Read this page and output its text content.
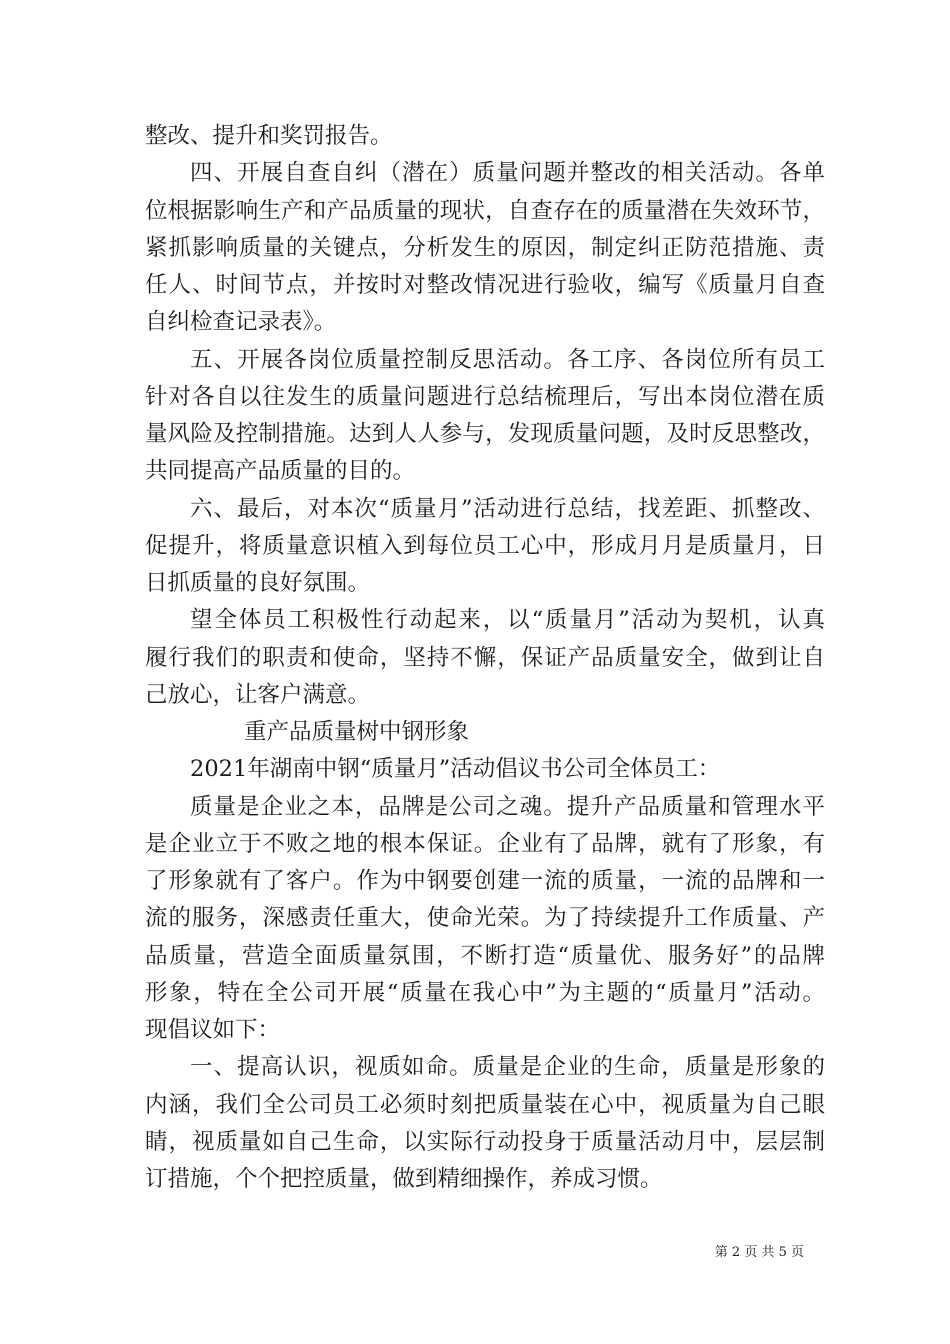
整改、提升和奖罚报告。
四、开展自查自纠（潜在）质量问题并整改的相关活动。各单
位根据影响生产和产品质量的现状，自查存在的质量潜在失效环节，
紧抓影响质量的关键点，分析发生的原因，制定纠正防范措施、责
任人、时间节点，并按时对整改情况进行验收，编写《质量月自查
自纠检查记录表》。
五、开展各岗位质量控制反思活动。各工序、各岗位所有员工
针对各自以往发生的质量问题进行总结梳理后，写出本岗位潜在质
量风险及控制措施。达到人人参与，发现质量问题，及时反思整改，
共同提高产品质量的目的。
六、最后，对本次“质量月”活动进行总结，找差距、抓整改、
促提升，将质量意识植入到每位员工心中，形成月月是质量月，日
日抓质量的良好氛围。
望全体员工积极性行动起来，以“质量月”活动为契机，认真
履行我们的职责和使命，坚持不懈，保证产品质量安全，做到让自
己放心，让客户满意。
重产品质量树中钢形象
2021年湖南中钢“质量月”活动倡议书公司全体员工：
质量是企业之本，品牌是公司之魂。提升产品质量和管理水平
是企业立于不败之地的根本保证。企业有了品牌，就有了形象，有
了形象就有了客户。作为中钢要创建一流的质量，一流的品牌和一
流的服务，深感责任重大，使命光荣。为了持续提升工作质量、产
品质量，营造全面质量氛围，不断打造“质量优、服务好”的品牌
形象，特在全公司开展“质量在我心中”为主题的“质量月”活动。
现倡议如下：
一、提高认识，视质如命。质量是企业的生命，质量是形象的
内涵，我们全公司员工必须时刻把质量装在心中，视质量为自己眼
睛，视质量如自己生命，以实际行动投身于质量活动月中，层层制
订措施，个个把控质量，做到精细操作，养成习惯。
第 2 页 共 5 页
